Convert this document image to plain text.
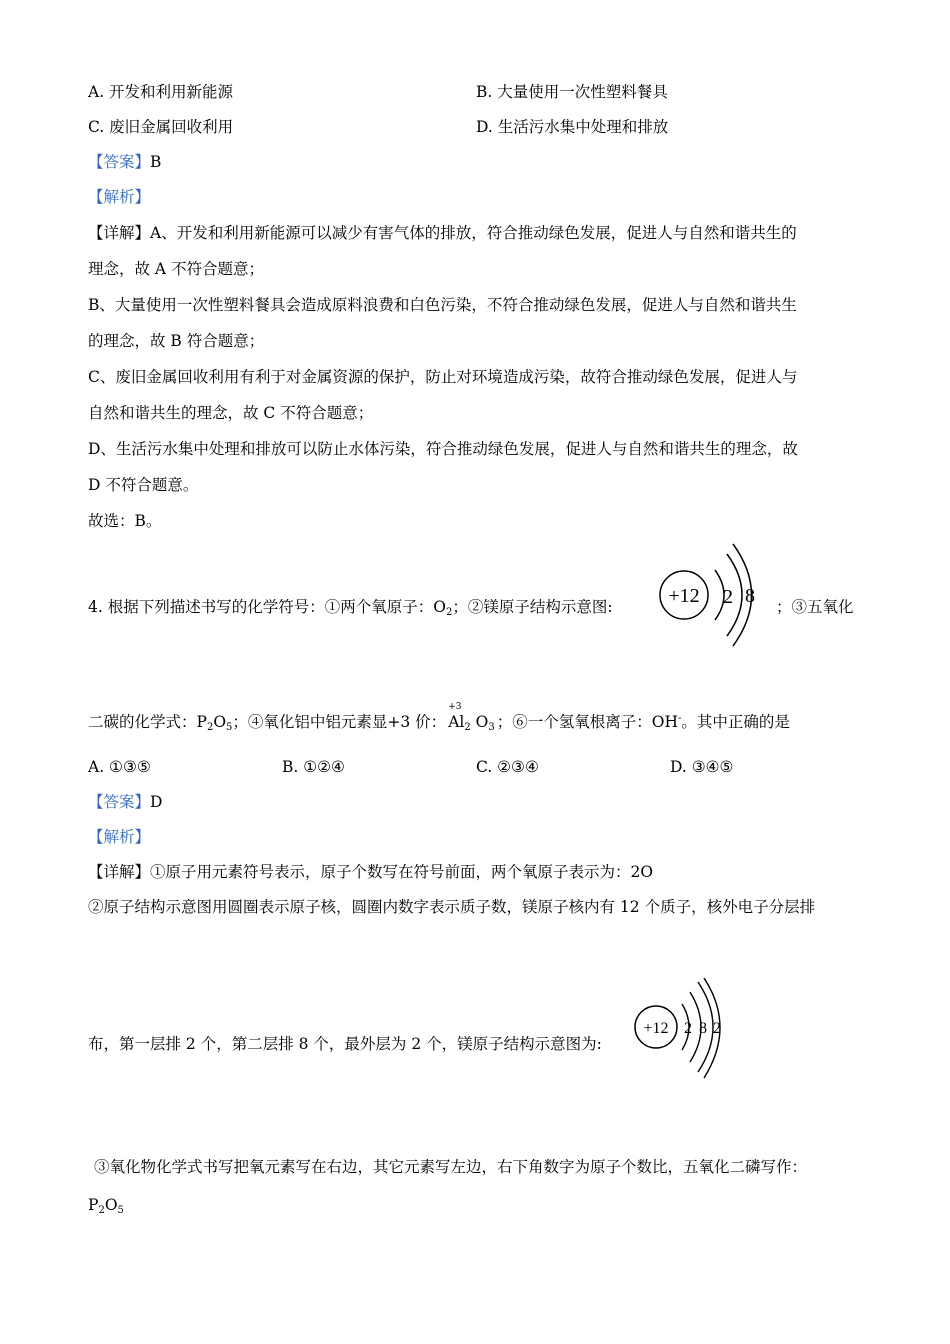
A. 开发和利用新能源	B. 大量使用一次性塑料餐具
C. 废旧金属回收利用	D. 生活污水集中处理和排放
【答案】B
【解析】
【详解】A、开发和利用新能源可以减少有害气体的排放，符合推动绿色发展，促进人与自然和谐共生的
理念，故 A 不符合题意；
B、大量使用一次性塑料餐具会造成原料浪费和白色污染，不符合推动绿色发展，促进人与自然和谐共生
的理念，故 B 符合题意；
C、废旧金属回收利用有利于对金属资源的保护，防止对环境造成污染，故符合推动绿色发展，促进人与
自然和谐共生的理念，故 C 不符合题意；
D、生活污水集中处理和排放可以防止水体污染，符合推动绿色发展，促进人与自然和谐共生的理念，故
D 不符合题意。
故选：B。
4. 根据下列描述书写的化学符号：①两个氧原子：$O_2$；②镁原子结构示意图:	+12 2 8 ；③五氧化
二碳的化学式：$P_2O_5$；④氧化铝中铝元素显+3 价：
+3
$Al_2$ $O_3$ ；⑥一个氢氧根离子：OH-。其中正确的是
A. ①③⑤	B. ①②④	C. ②③④	D. ③④⑤
【答案】D
【解析】
【详解】①原子用元素符号表示，原子个数写在符号前面，两个氧原子表示为：2O
②原子结构示意图用圆圈表示原子核，圆圈内数字表示质子数，镁原子核内有 12 个质子，核外电子分层排
布，第一层排 2 个，第二层排 8 个，最外层为 2 个，镁原子结构示意图为:
+12 2 8 2
③氧化物化学式书写把氧元素写在右边，其它元素写左边，右下角数字为原子个数比，五氧化二磷写作：
$P_2O_5$
